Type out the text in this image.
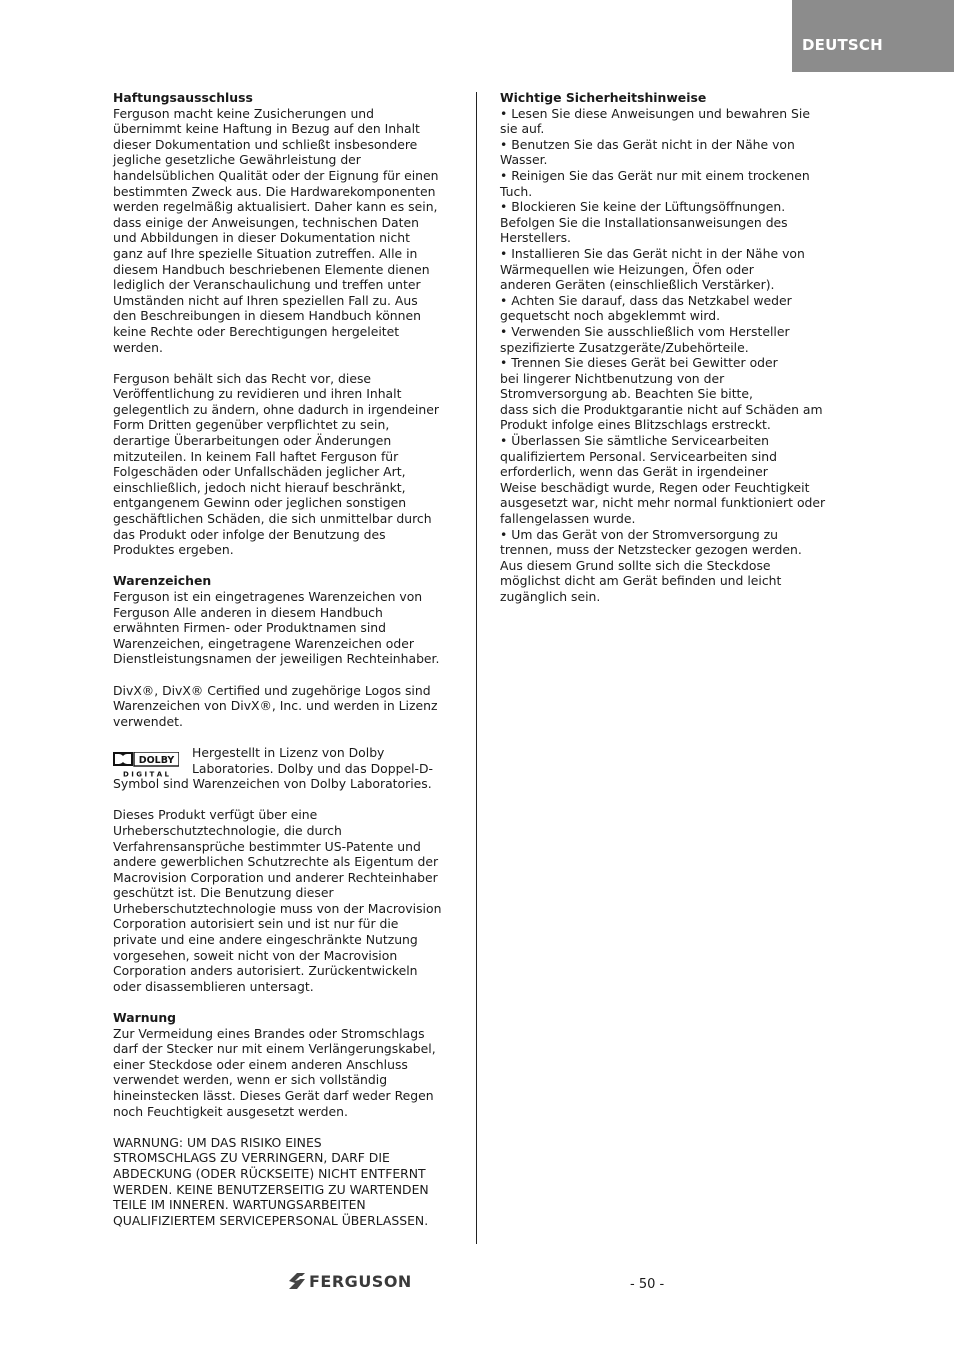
DEUTSCH
Haftungsausschluss
Ferguson macht keine Zusicherungen und
übernimmt keine Haftung in Bezug auf den Inhalt
dieser Dokumentation und schließt insbesondere
jegliche gesetzliche Gewährleistung der
handelsüblichen Qualität oder der Eignung für einen
bestimmten Zweck aus. Die Hardwarekomponenten
werden regelmäßig aktualisiert. Daher kann es sein,
dass einige der Anweisungen, technischen Daten
und Abbildungen in dieser Dokumentation nicht
ganz auf Ihre spezielle Situation zutreffen. Alle in
diesem Handbuch beschriebenen Elemente dienen
lediglich der Veranschaulichung und treffen unter
Umständen nicht auf Ihren speziellen Fall zu. Aus
den Beschreibungen in diesem Handbuch können
keine Rechte oder Berechtigungen hergeleitet
werden.
Ferguson behält sich das Recht vor, diese
Veröffentlichung zu revidieren und ihren Inhalt
gelegentlich zu ändern, ohne dadurch in irgendeiner
Form Dritten gegenüber verpflichtet zu sein,
derartige Überarbeitungen oder Änderungen
mitzuteilen. In keinem Fall haftet Ferguson für
Folgeschäden oder Unfallschäden jeglicher Art,
einschließlich, jedoch nicht hierauf beschränkt,
entgangenem Gewinn oder jeglichen sonstigen
geschäftlichen Schäden, die sich unmittelbar durch
das Produkt oder infolge der Benutzung des
Produktes ergeben.
Warenzeichen
Ferguson ist ein eingetragenes Warenzeichen von
Ferguson Alle anderen in diesem Handbuch
erwähnten Firmen- oder Produktnamen sind
Warenzeichen, eingetragene Warenzeichen oder
Dienstleistungsnamen der jeweiligen Rechteinhaber.
DivX®, DivX® Certified und zugehörige Logos sind
Warenzeichen von DivX®, Inc. und werden in Lizenz
verwendet.
DOLBY
D I G I T A L
Hergestellt in Lizenz von Dolby
Laboratories. Dolby und das Doppel-D-
Symbol sind Warenzeichen von Dolby Laboratories.
Dieses Produkt verfügt über eine
Urheberschutztechnologie, die durch
Verfahrensansprüche bestimmter US-Patente und
andere gewerblichen Schutzrechte als Eigentum der
Macrovision Corporation und anderer Rechteinhaber
geschützt ist. Die Benutzung dieser
Urheberschutztechnologie muss von der Macrovision
Corporation autorisiert sein und ist nur für die
private und eine andere eingeschränkte Nutzung
vorgesehen, soweit nicht von der Macrovision
Corporation anders autorisiert. Zurückentwickeln
oder disassemblieren untersagt.
Warnung
Zur Vermeidung eines Brandes oder Stromschlags
darf der Stecker nur mit einem Verlängerungskabel,
einer Steckdose oder einem anderen Anschluss
verwendet werden, wenn er sich vollständig
hineinstecken lässt. Dieses Gerät darf weder Regen
noch Feuchtigkeit ausgesetzt werden.
WARNUNG: UM DAS RISIKO EINES
STROMSCHLAGS ZU VERRINGERN, DARF DIE
ABDECKUNG (ODER RÜCKSEITE) NICHT ENTFERNT
WERDEN. KEINE BENUTZERSEITIG ZU WARTENDEN
TEILE IM INNEREN. WARTUNGSARBEITEN
QUALIFIZIERTEM SERVICEPERSONAL ÜBERLASSEN.
Wichtige Sicherheitshinweise
• Lesen Sie diese Anweisungen und bewahren Sie
sie auf.
• Benutzen Sie das Gerät nicht in der Nähe von
Wasser.
• Reinigen Sie das Gerät nur mit einem trockenen
Tuch.
• Blockieren Sie keine der Lüftungsöffnungen.
Befolgen Sie die Installationsanweisungen des
Herstellers.
• Installieren Sie das Gerät nicht in der Nähe von
Wärmequellen wie Heizungen, Öfen oder
anderen Geräten (einschließlich Verstärker).
• Achten Sie darauf, dass das Netzkabel weder
gequetscht noch abgeklemmt wird.
• Verwenden Sie ausschließlich vom Hersteller
spezifizierte Zusatzgeräte/Zubehörteile.
• Trennen Sie dieses Gerät bei Gewitter oder
bei lingerer Nichtbenutzung von der
Stromversorgung ab. Beachten Sie bitte,
dass sich die Produktgarantie nicht auf Schäden am
Produkt infolge eines Blitzschlags erstreckt.
• Überlassen Sie sämtliche Servicearbeiten
qualifiziertem Personal. Servicearbeiten sind
erforderlich, wenn das Gerät in irgendeiner
Weise beschädigt wurde, Regen oder Feuchtigkeit
ausgesetzt war, nicht mehr normal funktioniert oder
fallengelassen wurde.
• Um das Gerät von der Stromversorgung zu
trennen, muss der Netzstecker gezogen werden.
Aus diesem Grund sollte sich die Steckdose
möglichst dicht am Gerät befinden und leicht
zugänglich sein.
FERGUSON	- 50 -
